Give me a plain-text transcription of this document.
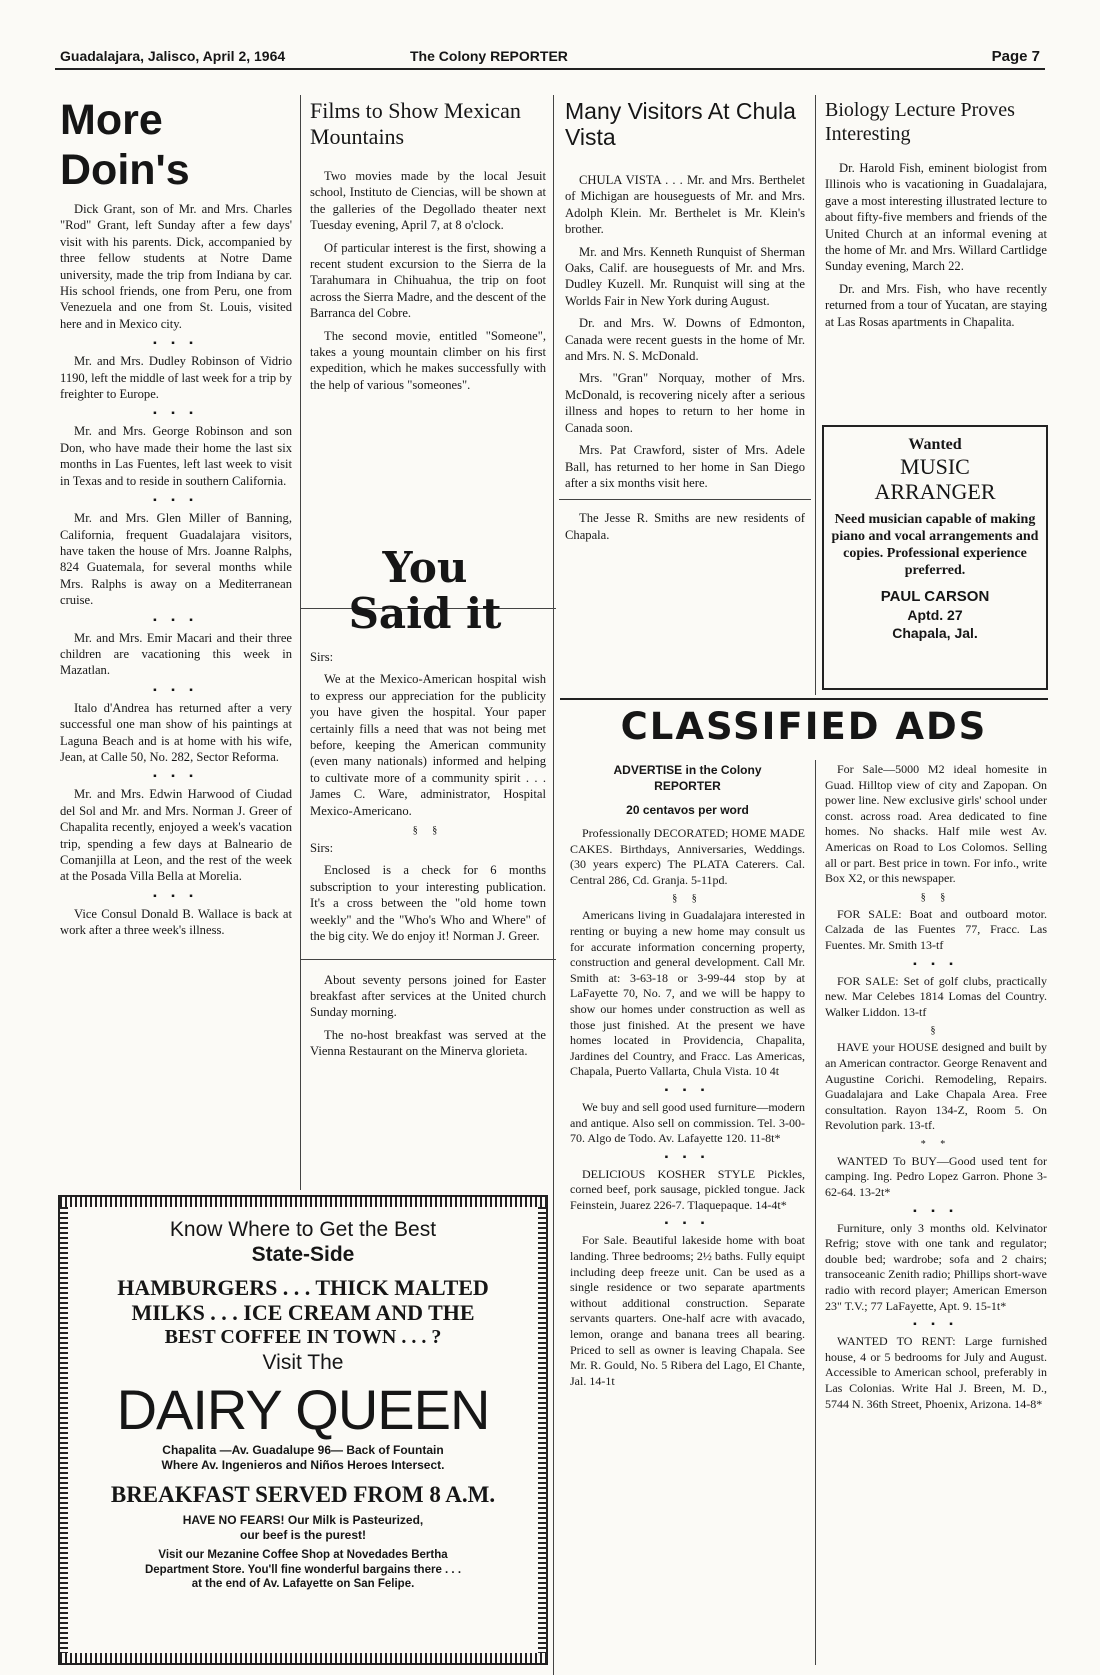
Guadalajara, Jalisco, April 2, 1964	The Colony REPORTER	Page 7
More Doin's

Dick Grant, son of Mr. and Mrs. Charles "Rod" Grant, left Sunday after a few days' visit with his parents. Dick, accompanied by three fellow students at Notre Dame university, made the trip from Indiana by car. His school friends, one from Peru, one from Venezuela and one from St. Louis, visited here and in Mexico city.

▪ ▪ ▪

Mr. and Mrs. Dudley Robinson of Vidrio 1190, left the middle of last week for a trip by freighter to Europe.

▪ ▪ ▪

Mr. and Mrs. George Robinson and son Don, who have made their home the last six months in Las Fuentes, left last week to visit in Texas and to reside in southern California.

▪ ▪ ▪

Mr. and Mrs. Glen Miller of Banning, California, frequent Guadalajara visitors, have taken the house of Mrs. Joanne Ralphs, 824 Guatemala, for several months while Mrs. Ralphs is away on a Mediterranean cruise.

▪ ▪ ▪

Mr. and Mrs. Emir Macari and their three children are vacationing this week in Mazatlan.

▪ ▪ ▪

Italo d'Andrea has returned after a very successful one man show of his paintings at Laguna Beach and is at home with his wife, Jean, at Calle 50, No. 282, Sector Reforma.

▪ ▪ ▪

Mr. and Mrs. Edwin Harwood of Ciudad del Sol and Mr. and Mrs. Norman J. Greer of Chapalita recently, enjoyed a week's vacation trip, spending a few days at Balneario de Comanjilla at Leon, and the rest of the week at the Posada Villa Bella at Morelia.

▪ ▪ ▪

Vice Consul Donald B. Wallace is back at work after a three week's illness.

Films to Show Mexican Mountains

Two movies made by the local Jesuit school, Instituto de Ciencias, will be shown at the galleries of the Degollado theater next Tuesday evening, April 7, at 8 o'clock.

Of particular interest is the first, showing a recent student excursion to the Sierra de la Tarahumara in Chihuahua, the trip on foot across the Sierra Madre, and the descent of the Barranca del Cobre.

The second movie, entitled "Someone", takes a young mountain climber on his first expedition, which he makes successfully with the help of various "someones".

You Said it

Sirs:

We at the Mexico-American hospital wish to express our appreciation for the publicity you have given the hospital. Your paper certainly fills a need that was not being met before, keeping the American community (even many nationals) informed and helping to cultivate more of a community spirit . . . James C. Ware, administrator, Hospital Mexico-Americano.

§ §

Sirs:

Enclosed is a check for 6 months subscription to your interesting publication. It's a cross between the "old home town weekly" and the "Who's Who and Where" of the big city. We do enjoy it! Norman J. Greer.

About seventy persons joined for Easter breakfast after services at the United church Sunday morning.

The no-host breakfast was served at the Vienna Restaurant on the Minerva glorieta.

Many Visitors At Chula Vista

CHULA VISTA . . . Mr. and Mrs. Berthelet of Michigan are houseguests of Mr. and Mrs. Adolph Klein. Mr. Berthelet is Mr. Klein's brother.

Mr. and Mrs. Kenneth Runquist of Sherman Oaks, Calif. are houseguests of Mr. and Mrs. Dudley Kuzell. Mr. Runquist will sing at the Worlds Fair in New York during August.

Dr. and Mrs. W. Downs of Edmonton, Canada were recent guests in the home of Mr. and Mrs. N. S. McDonald.

Mrs. "Gran" Norquay, mother of Mrs. McDonald, is recovering nicely after a serious illness and hopes to return to her home in Canada soon.

Mrs. Pat Crawford, sister of Mrs. Adele Ball, has returned to her home in San Diego after a six months visit here.

The Jesse R. Smiths are new residents of Chapala.

Biology Lecture Proves Interesting

Dr. Harold Fish, eminent biologist from Illinois who is vacationing in Guadalajara, gave a most interesting illustrated lecture to about fifty-five members and friends of the United Church at an informal evening at the home of Mr. and Mrs. Willard Cartlidge Sunday evening, March 22.

Dr. and Mrs. Fish, who have recently returned from a tour of Yucatan, are staying at Las Rosas apartments in Chapalita.

Wanted
MUSIC
ARRANGER
Need musician capable of making piano and vocal arrangements and copies. Professional experience preferred.
PAUL CARSON
Aptd. 27
Chapala, Jal.
CLASSIFIED ADS
ADVERTISE in the Colony
REPORTER
20 centavos per word

Professionally DECORATED; HOME MADE CAKES. Birthdays, Anniversaries, Weddings. (30 years experc) The PLATA Caterers. Cal. Central 286, Cd. Granja. 5-11pd.

§ §

Americans living in Guadalajara interested in renting or buying a new home may consult us for accurate information concerning property, construction and general development. Call Mr. Smith at: 3-63-18 or 3-99-44 stop by at LaFayette 70, No. 7, and we will be happy to show our homes under construction as well as those just finished. At the present we have homes located in Providencia, Chapalita, Jardines del Country, and Fracc. Las Americas, Chapala, Puerto Vallarta, Chula Vista. 10 4t

▪ ▪ ▪

We buy and sell good used furniture—modern and antique. Also sell on commission. Tel. 3-00-70. Algo de Todo. Av. Lafayette 120. 11-8t*

▪ ▪ ▪

DELICIOUS KOSHER STYLE Pickles, corned beef, pork sausage, pickled tongue. Jack Feinstein, Juarez 226-7. Tlaquepaque. 14-4t*

▪ ▪ ▪

For Sale. Beautiful lakeside home with boat landing. Three bedrooms; 2½ baths. Fully equipt including deep freeze unit. Can be used as a single residence or two separate apartments without additional construction. Separate servants quarters. One-half acre with avacado, lemon, orange and banana trees all bearing. Priced to sell as owner is leaving Chapala. See Mr. R. Gould, No. 5 Ribera del Lago, El Chante, Jal. 14-1t

For Sale—5000 M2 ideal homesite in Guad. Hilltop view of city and Zapopan. On power line. New exclusive girls' school under const. across road. Area dedicated to fine homes. No shacks. Half mile west Av. Americas on Road to Los Colomos. Selling all or part. Best price in town. For info., write Box X2, or this newspaper.

§ §

FOR SALE: Boat and outboard motor. Calzada de las Fuentes 77, Fracc. Las Fuentes. Mr. Smith 13-tf

▪ ▪ ▪

FOR SALE: Set of golf clubs, practically new. Mar Celebes 1814 Lomas del Country. Walker Liddon. 13-tf

§

HAVE your HOUSE designed and built by an American contractor. George Renavent and Augustine Corichi. Remodeling, Repairs. Guadalajara and Lake Chapala Area. Free consultation. Rayon 134-Z, Room 5. On Revolution park. 13-tf.

* *

WANTED To BUY—Good used tent for camping. Ing. Pedro Lopez Garron. Phone 3-62-64. 13-2t*

▪ ▪ ▪

Furniture, only 3 months old. Kelvinator Refrig; stove with one tank and regulator; double bed; wardrobe; sofa and 2 chairs; transoceanic Zenith radio; Phillips short-wave radio with record player; American Emerson 23" T.V.; 77 LaFayette, Apt. 9. 15-1t*

▪ ▪ ▪

WANTED TO RENT: Large furnished house, 4 or 5 bedrooms for July and August. Accessible to American school, preferably in Las Colonias. Write Hal J. Breen, M. D., 5744 N. 36th Street, Phoenix, Arizona. 14-8*

Know Where to Get the Best
State-Side
HAMBURGERS . . . THICK MALTED
MILKS . . . ICE CREAM AND THE
BEST COFFEE IN TOWN . . . ?
Visit The
DAIRY QUEEN
Chapalita —Av. Guadalupe 96— Back of Fountain
Where Av. Ingenieros and Niños Heroes Intersect.
BREAKFAST SERVED FROM 8 A.M.
HAVE NO FEARS! Our Milk is Pasteurized,
our beef is the purest!
Visit our Mezanine Coffee Shop at Novedades Bertha
Department Store. You'll fine wonderful bargains there . . .
at the end of Av. Lafayette on San Felipe.
